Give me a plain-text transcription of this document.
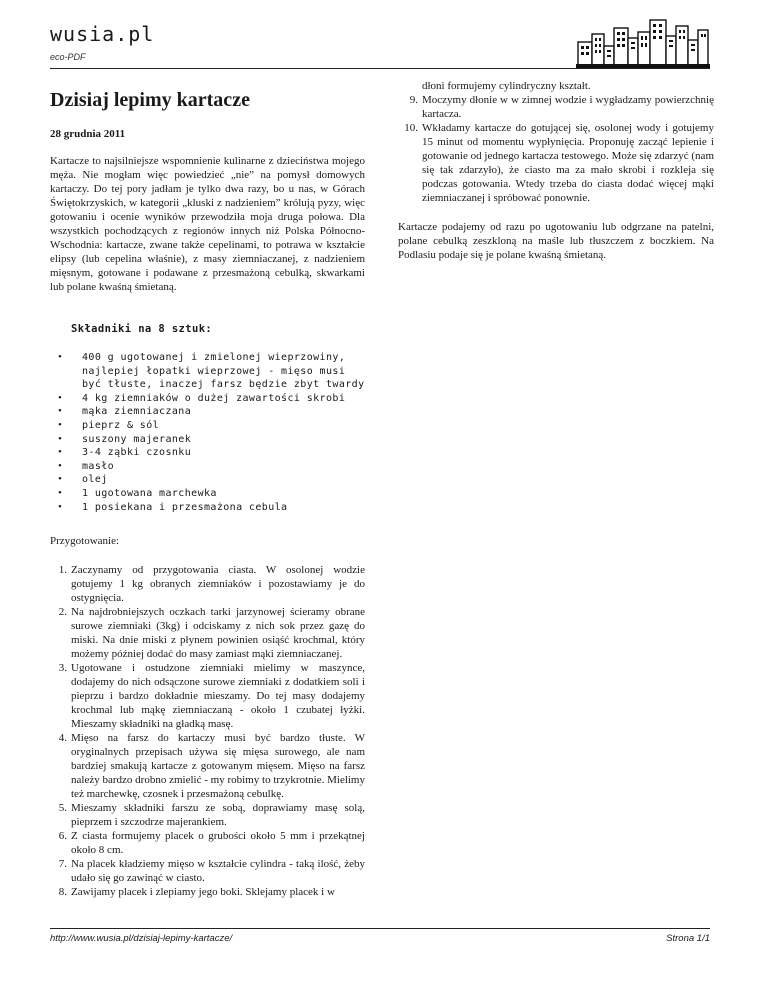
wusia.pl
eco-PDF
Dzisiaj lepimy kartacze
28 grudnia 2011

Kartacze to najsilniejsze wspomnienie kulinarne z dzieciństwa mojego męża. Nie mogłam więc powiedzieć „nie” na pomysł domowych kartaczy. Do tej pory jadłam je tylko dwa razy, bo u nas, w Górach Świętokrzyskich, w kategorii „kluski z nadzieniem” królują pyzy, więc gotowaniu i ocenie wyników przewodziła moja druga połowa. Dla wszystkich pochodzących z regionów innych niż Polska Północno-Wschodnia: kartacze, zwane także cepelinami, to potrawa w kształcie elipsy (lub cepelina właśnie), z masy ziemniaczanej, z nadzieniem mięsnym, gotowane i podawane z przesmażoną cebulką, skwarkami lub polane kwaśną śmietaną.

Składniki na 8 sztuk:
• 400 g ugotowanej i zmielonej wieprzowiny, najlepiej łopatki wieprzowej - mięso musi być tłuste, inaczej farsz będzie zbyt twardy
• 4 kg ziemniaków o dużej zawartości skrobi
• mąka ziemniaczana
• pieprz & sól
• suszony majeranek
• 3-4 ząbki czosnku
• masło
• olej
• 1 ugotowana marchewka
• 1 posiekana i przesmażona cebula
Przygotowanie:
1. Zaczynamy od przygotowania ciasta. W osolonej wodzie gotujemy 1 kg obranych ziemniaków i pozostawiamy je do ostygnięcia.
2. Na najdrobniejszych oczkach tarki jarzynowej ścieramy obrane surowe ziemniaki (3kg) i odciskamy z nich sok przez gazę do miski. Na dnie miski z płynem powinien osiąść krochmal, który możemy później dodać do masy zamiast mąki ziemniaczanej.
3. Ugotowane i ostudzone ziemniaki mielimy w maszynce, dodajemy do nich odsączone surowe ziemniaki z dodatkiem soli i pieprzu i bardzo dokładnie mieszamy. Do tej masy dodajemy krochmal lub mąkę ziemniaczaną - około 1 czubatej łyżki. Mieszamy składniki na gładką masę.
4. Mięso na farsz do kartaczy musi być bardzo tłuste. W oryginalnych przepisach używa się mięsa surowego, ale nam bardziej smakują kartacze z gotowanym mięsem. Mięso na farsz należy bardzo drobno zmielić - my robimy to trzykrotnie. Mielimy też marchewkę, czosnek i przesmażoną cebulkę.
5. Mieszamy składniki farszu ze sobą, doprawiamy masę solą, pieprzem i szczodrze majerankiem.
6. Z ciasta formujemy placek o grubości około 5 mm i przekątnej około 8 cm.
7. Na placek kładziemy mięso w kształcie cylindra - taką ilość, żeby udało się go zawinąć w ciasto.
8. Zawijamy placek i zlepiamy jego boki. Sklejamy placek i w
dłoni formujemy cylindryczny kształt.
9. Moczymy dłonie w w zimnej wodzie i wygładzamy powierzchnię kartacza.
10. Wkładamy kartacze do gotującej się, osolonej wody i gotujemy 15 minut od momentu wypłynięcia. Proponuję zacząć lepienie i gotowanie od jednego kartacza testowego. Może się zdarzyć (nam się tak zdarzyło), że ciasto ma za mało skrobi i rozkleja się podczas gotowania. Wtedy trzeba do ciasta dodać więcej mąki ziemniaczanej i spróbować ponownie.

Kartacze podajemy od razu po ugotowaniu lub odgrzane na patelni, polane cebulką zeszkloną na maśle lub tłuszczem z boczkiem. Na Podlasiu podaje się je polane kwaśną śmietaną.

http://www.wusia.pl/dzisiaj-lepimy-kartacze/	Strona 1/1
